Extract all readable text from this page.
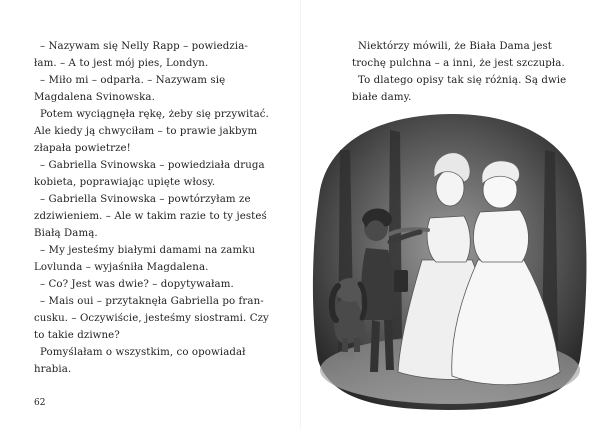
– Nazywam się Nelly Rapp – powiedzia-
łam. – A to jest mój pies, Londyn.
– Miło mi – odparła. – Nazywam się
Magdalena Svinowska.
Potem wyciągnęła rękę, żeby się przywitać.
Ale kiedy ją chwyciłam – to prawie jakbym
złapała powietrze!
– Gabriella Svinowska – powiedziała druga
kobieta, poprawiając upięte włosy.
– Gabriella Svinowska – powtórzyłam ze
zdziwieniem. – Ale w takim razie to ty jesteś
Białą Damą.
– My jesteśmy białymi damami na zamku
Lovlunda – wyjaśniła Magdalena.
– Co? Jest was dwie? – dopytywałam.
– Mais oui – przytaknęła Gabriella po fran-
cusku. – Oczywiście, jesteśmy siostrami. Czy
to takie dziwne?
Pomyślałam o wszystkim, co opowiadał
hrabia.
62
Niektórzy mówili, że Biała Dama jest
trochę pulchna – a inni, że jest szczupła.
To dlatego opisy tak się różnią. Są dwie
białe damy.
